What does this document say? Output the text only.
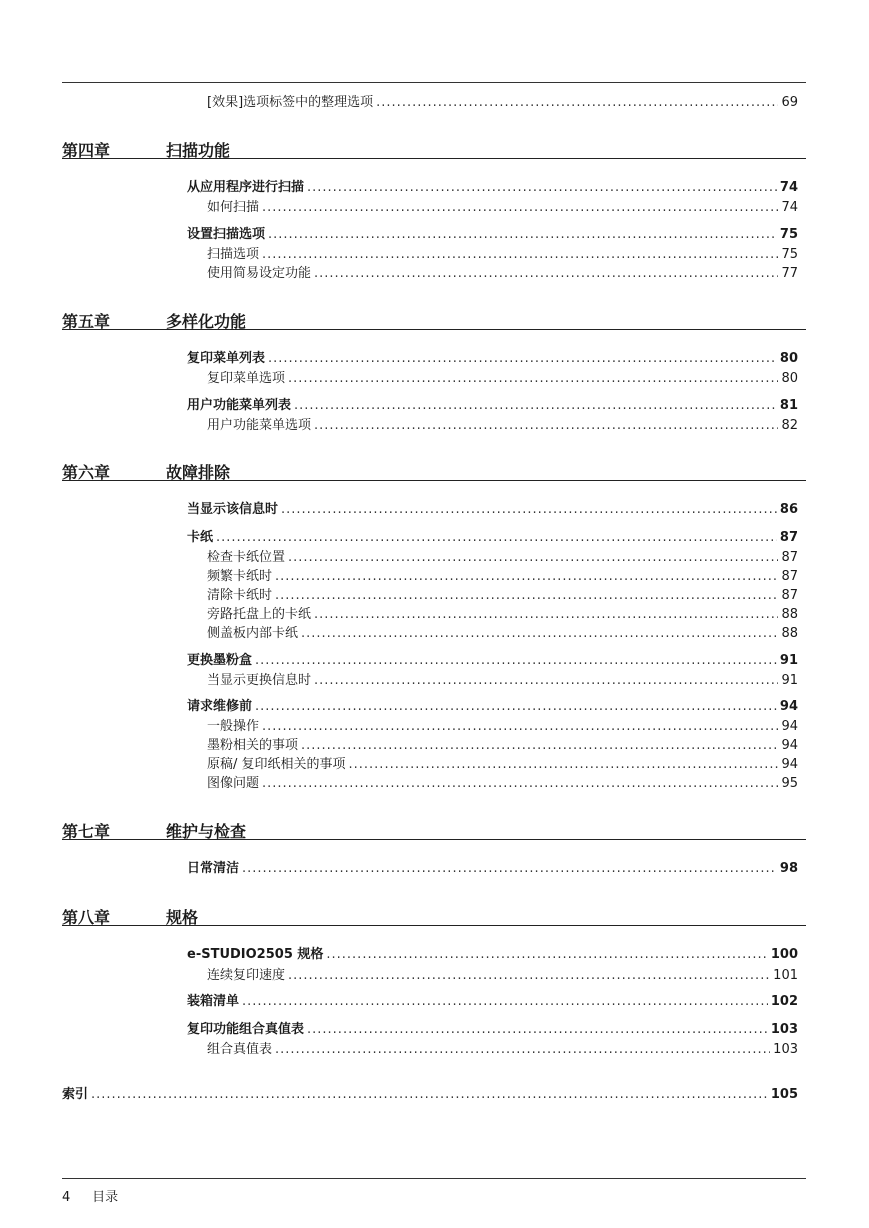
[效果]选项标签中的整理选项 .....	69
第四章	扫描功能
从应用程序进行扫描 .....	74
如何扫描 .....	74
设置扫描选项 .....	75
扫描选项 .....	75
使用简易设定功能 .....	77
第五章	多样化功能
复印菜单列表 .....	80
复印菜单选项 .....	80
用户功能菜单列表 .....	81
用户功能菜单选项 .....	82
第六章	故障排除
当显示该信息时 .....	86
卡纸 .....	87
检查卡纸位置 .....	87
频繁卡纸时 .....	87
清除卡纸时 .....	87
旁路托盘上的卡纸 .....	88
侧盖板内部卡纸 .....	88
更换墨粉盒 .....	91
当显示更换信息时 .....	91
请求维修前 .....	94
一般操作 .....	94
墨粉相关的事项 .....	94
原稿/ 复印纸相关的事项 .....	94
图像问题 .....	95
第七章	维护与检查
日常清洁 .....	98
第八章	规格
e-STUDIO2505 规格 .....	100
连续复印速度 .....	101
装箱清单 .....	102
复印功能组合真值表 .....	103
组合真值表 .....	103
索引 .....	105
4 目录
